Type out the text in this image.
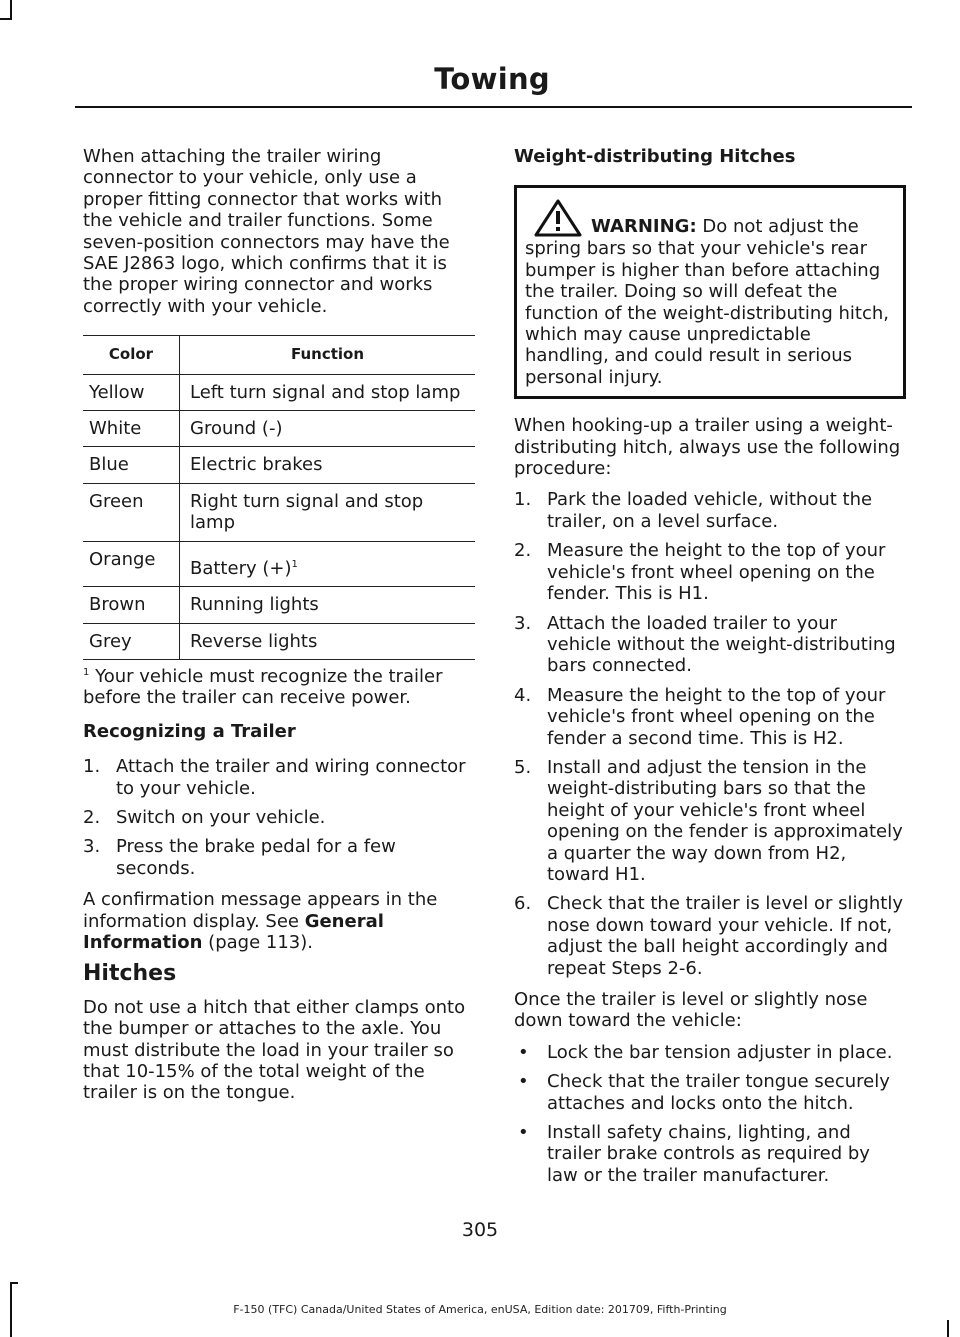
Towing

When attaching the trailer wiring connector to your vehicle, only use a proper fitting connector that works with the vehicle and trailer functions. Some seven-position connectors may have the SAE J2863 logo, which confirms that it is the proper wiring connector and works correctly with your vehicle.

Color	Function
Yellow	Left turn signal and stop lamp
White	Ground (-)
Blue	Electric brakes
Green	Right turn signal and stop lamp
Orange	Battery (+)$^1$
Brown	Running lights
Grey	Reverse lights

$^1$ Your vehicle must recognize the trailer before the trailer can receive power.

Recognizing a Trailer
1. Attach the trailer and wiring connector to your vehicle.
2. Switch on your vehicle.
3. Press the brake pedal for a few seconds.

A confirmation message appears in the information display. See General Information (page 113).

Hitches

Do not use a hitch that either clamps onto the bumper or attaches to the axle. You must distribute the load in your trailer so that 10-15% of the total weight of the trailer is on the tongue.

Weight-distributing Hitches
WARNING: Do not adjust the spring bars so that your vehicle's rear bumper is higher than before attaching the trailer. Doing so will defeat the function of the weight-distributing hitch, which may cause unpredictable handling, and could result in serious personal injury.

When hooking-up a trailer using a weight-distributing hitch, always use the following procedure:

1. Park the loaded vehicle, without the trailer, on a level surface.
2. Measure the height to the top of your vehicle's front wheel opening on the fender. This is H1.
3. Attach the loaded trailer to your vehicle without the weight-distributing bars connected.
4. Measure the height to the top of your vehicle's front wheel opening on the fender a second time. This is H2.
5. Install and adjust the tension in the weight-distributing bars so that the height of your vehicle's front wheel opening on the fender is approximately a quarter the way down from H2, toward H1.
6. Check that the trailer is level or slightly nose down toward your vehicle. If not, adjust the ball height accordingly and repeat Steps 2-6.

Once the trailer is level or slightly nose down toward the vehicle:

• Lock the bar tension adjuster in place.
• Check that the trailer tongue securely attaches and locks onto the hitch.
• Install safety chains, lighting, and trailer brake controls as required by law or the trailer manufacturer.
305
F-150 (TFC) Canada/United States of America, enUSA, Edition date: 201709, Fifth-Printing
